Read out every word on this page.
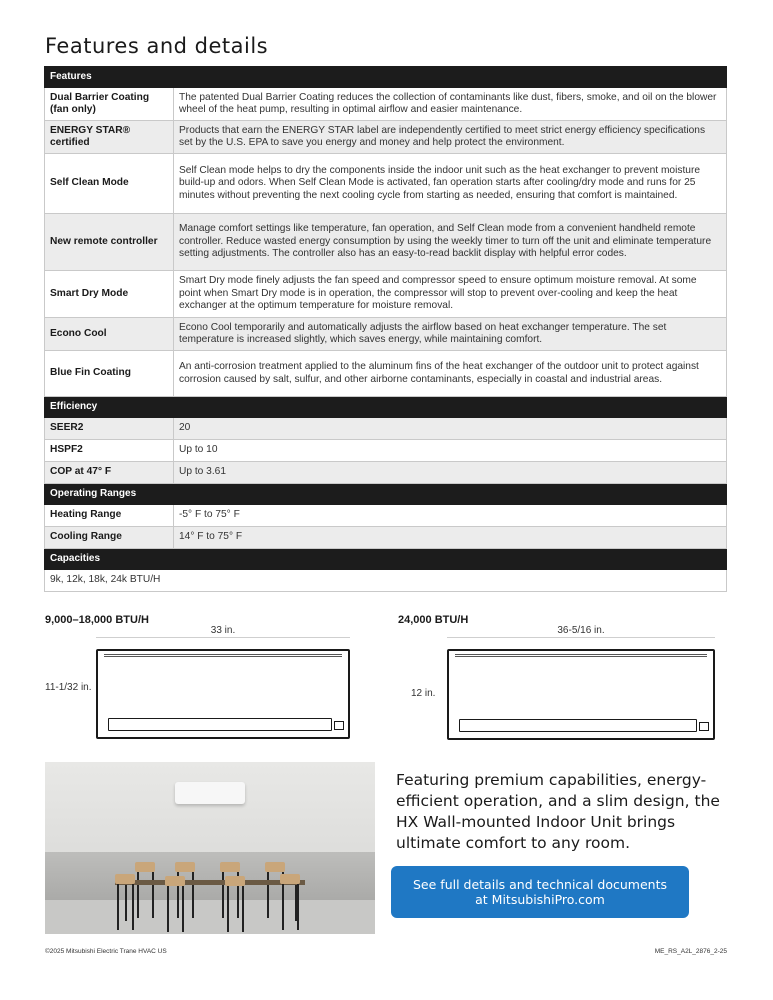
Features and details
Features	
Dual Barrier Coating (fan only)	The patented Dual Barrier Coating reduces the collection of contaminants like dust, fibers, smoke, and oil on the blower wheel of the heat pump, resulting in optimal airflow and easier maintenance.
ENERGY STAR® certified	Products that earn the ENERGY STAR label are independently certified to meet strict energy efficiency specifications set by the U.S. EPA to save you energy and money and help protect the environment.
Self Clean Mode	Self Clean mode helps to dry the components inside the indoor unit such as the heat exchanger to prevent moisture build-up and odors. When Self Clean Mode is activated, fan operation starts after cooling/dry mode and runs for 25 minutes without preventing the next cooling cycle from starting as needed, ensuring that comfort is maintained.
New remote controller	Manage comfort settings like temperature, fan operation, and Self Clean mode from a convenient handheld remote controller. Reduce wasted energy consumption by using the weekly timer to turn off the unit and eliminate temperature setting adjustments. The controller also has an easy-to-read backlit display with helpful error codes.
Smart Dry Mode	Smart Dry mode finely adjusts the fan speed and compressor speed to ensure optimum moisture removal. At some point when Smart Dry mode is in operation, the compressor will stop to prevent over-cooling and keep the heat exchanger at the optimum temperature for moisture removal.
Econo Cool	Econo Cool temporarily and automatically adjusts the airflow based on heat exchanger temperature. The set temperature is increased slightly, which saves energy, while maintaining comfort.
Blue Fin Coating	An anti-corrosion treatment applied to the aluminum fins of the heat exchanger of the outdoor unit to protect against corrosion caused by salt, sulfur, and other airborne contaminants, especially in coastal and industrial areas.
Efficiency	
SEER2	20
HSPF2	Up to 10
COP at 47° F	Up to 3.61
Operating Ranges	
Heating Range	-5° F to 75° F
Cooling Range	14° F to 75° F
Capacities	
9k, 12k, 18k, 24k BTU/H	
9,000–18,000 BTU/H
33 in.
11-1/32 in.
24,000 BTU/H
36-5/16 in.
12 in.
Featuring premium capabilities, energy-efficient operation, and a slim design, the HX Wall-mounted Indoor Unit brings ultimate comfort to any room.
See full details and technical documents at MitsubishiPro.com
©2025 Mitsubishi Electric Trane HVAC US	ME_RS_A2L_2876_2-25
